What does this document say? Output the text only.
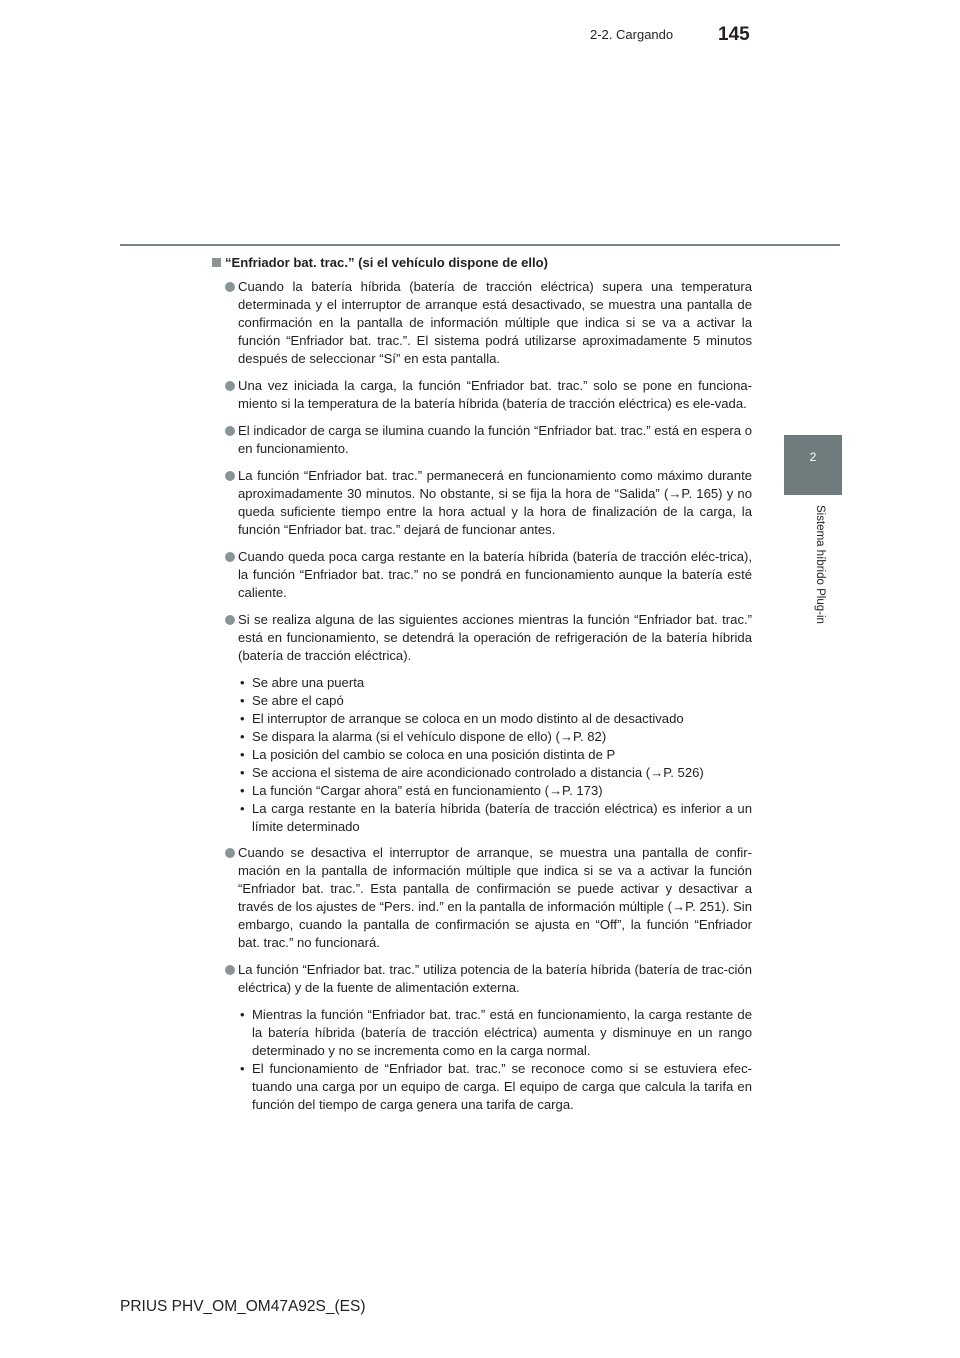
2-2. Cargando 145
2
Sistema híbrido Plug-in
“Enfriador bat. trac.” (si el vehículo dispone de ello)
Cuando la batería híbrida (batería de tracción eléctrica) supera una temperatura determinada y el interruptor de arranque está desactivado, se muestra una pantalla de confirmación en la pantalla de información múltiple que indica si se va a activar la función “Enfriador bat. trac.”. El sistema podrá utilizarse aproximadamente 5 minutos después de seleccionar “Sí” en esta pantalla.
Una vez iniciada la carga, la función “Enfriador bat. trac.” solo se pone en funciona-miento si la temperatura de la batería híbrida (batería de tracción eléctrica) es ele-vada.
El indicador de carga se ilumina cuando la función “Enfriador bat. trac.” está en espera o en funcionamiento.
La función “Enfriador bat. trac.” permanecerá en funcionamiento como máximo durante aproximadamente 30 minutos. No obstante, si se fija la hora de “Salida” (→P. 165) y no queda suficiente tiempo entre la hora actual y la hora de finalización de la carga, la función “Enfriador bat. trac.” dejará de funcionar antes.
Cuando queda poca carga restante en la batería híbrida (batería de tracción eléc-trica), la función “Enfriador bat. trac.” no se pondrá en funcionamiento aunque la batería esté caliente.
Si se realiza alguna de las siguientes acciones mientras la función “Enfriador bat. trac.” está en funcionamiento, se detendrá la operación de refrigeración de la batería híbrida (batería de tracción eléctrica).
• Se abre una puerta
• Se abre el capó
• El interruptor de arranque se coloca en un modo distinto al de desactivado
• Se dispara la alarma (si el vehículo dispone de ello) (→P. 82)
• La posición del cambio se coloca en una posición distinta de P
• Se acciona el sistema de aire acondicionado controlado a distancia (→P. 526)
• La función “Cargar ahora” está en funcionamiento (→P. 173)
• La carga restante en la batería híbrida (batería de tracción eléctrica) es inferior a un límite determinado
Cuando se desactiva el interruptor de arranque, se muestra una pantalla de confir-mación en la pantalla de información múltiple que indica si se va a activar la función “Enfriador bat. trac.”. Esta pantalla de confirmación se puede activar y desactivar a través de los ajustes de “Pers. ind.” en la pantalla de información múltiple (→P. 251). Sin embargo, cuando la pantalla de confirmación se ajusta en “Off”, la función “Enfriador bat. trac.” no funcionará.
La función “Enfriador bat. trac.” utiliza potencia de la batería híbrida (batería de trac-ción eléctrica) y de la fuente de alimentación externa.
• Mientras la función “Enfriador bat. trac.” está en funcionamiento, la carga restante de la batería híbrida (batería de tracción eléctrica) aumenta y disminuye en un rango determinado y no se incrementa como en la carga normal.
• El funcionamiento de “Enfriador bat. trac.” se reconoce como si se estuviera efec-tuando una carga por un equipo de carga. El equipo de carga que calcula la tarifa en función del tiempo de carga genera una tarifa de carga.
PRIUS PHV_OM_OM47A92S_(ES)
